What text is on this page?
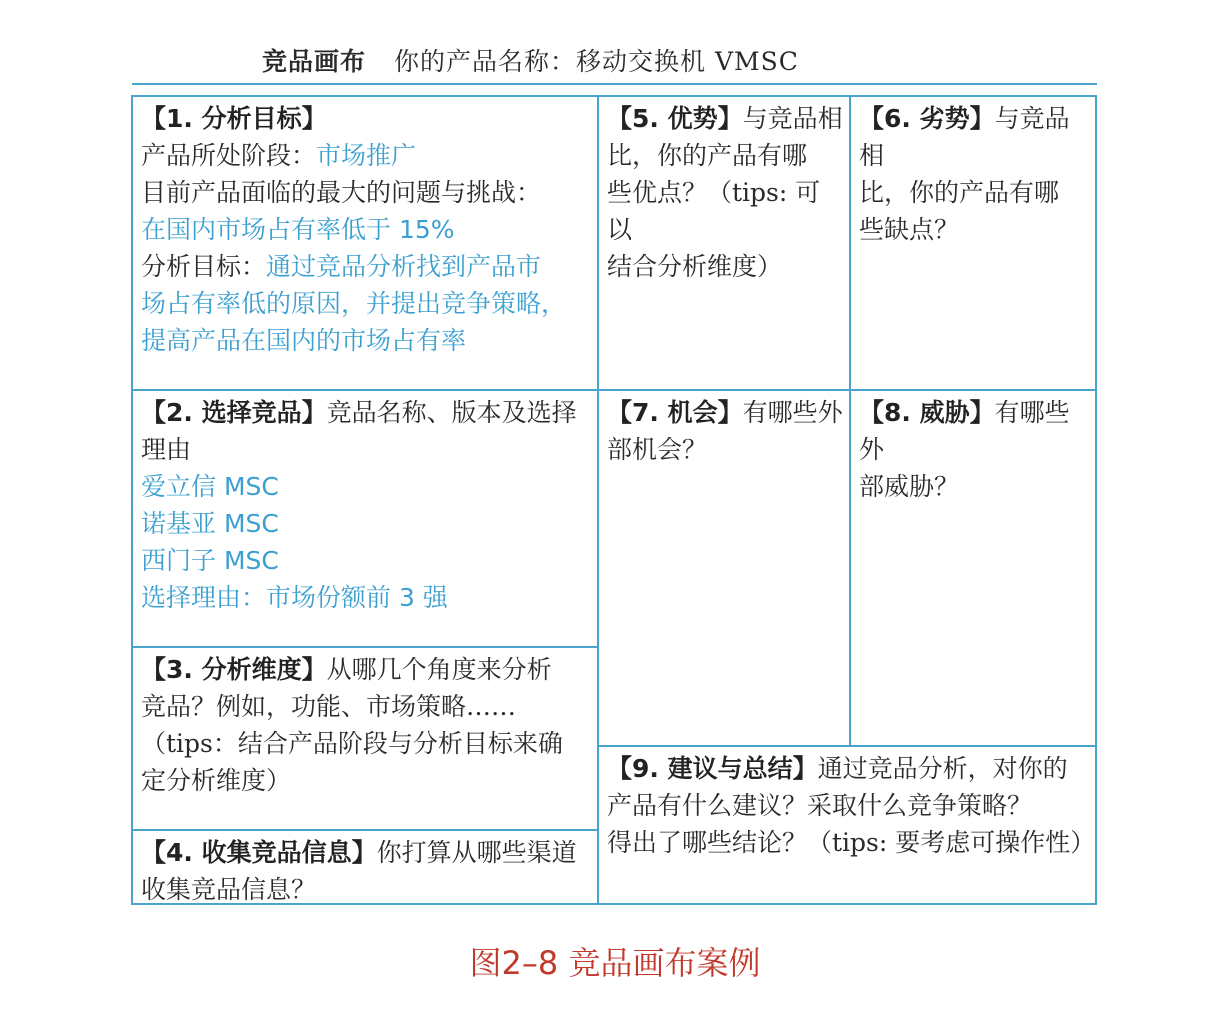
竞品画布 你的产品名称：移动交换机 VMSC
【1. 分析目标】
产品所处阶段：市场推广
目前产品面临的最大的问题与挑战：
在国内市场占有率低于 15%
分析目标：通过竞品分析找到产品市
场占有率低的原因，并提出竞争策略，
提高产品在国内的市场占有率
【2. 选择竞品】竞品名称、版本及选择
理由
爱立信 MSC
诺基亚 MSC
西门子 MSC
选择理由：市场份额前 3 强
【3. 分析维度】从哪几个角度来分析
竞品？例如，功能、市场策略……
（tips：结合产品阶段与分析目标来确
定分析维度）
【4. 收集竞品信息】你打算从哪些渠道
收集竞品信息？
【5. 优势】与竞品相
比，你的产品有哪
些优点？（tips: 可以
结合分析维度）
【6. 劣势】与竞品相
比，你的产品有哪
些缺点？
【7. 机会】有哪些外
部机会？
【8. 威胁】有哪些外
部威胁？
【9. 建议与总结】通过竞品分析，对你的
产品有什么建议？采取什么竞争策略？
得出了哪些结论？（tips: 要考虑可操作性）
图2–8 竞品画布案例
